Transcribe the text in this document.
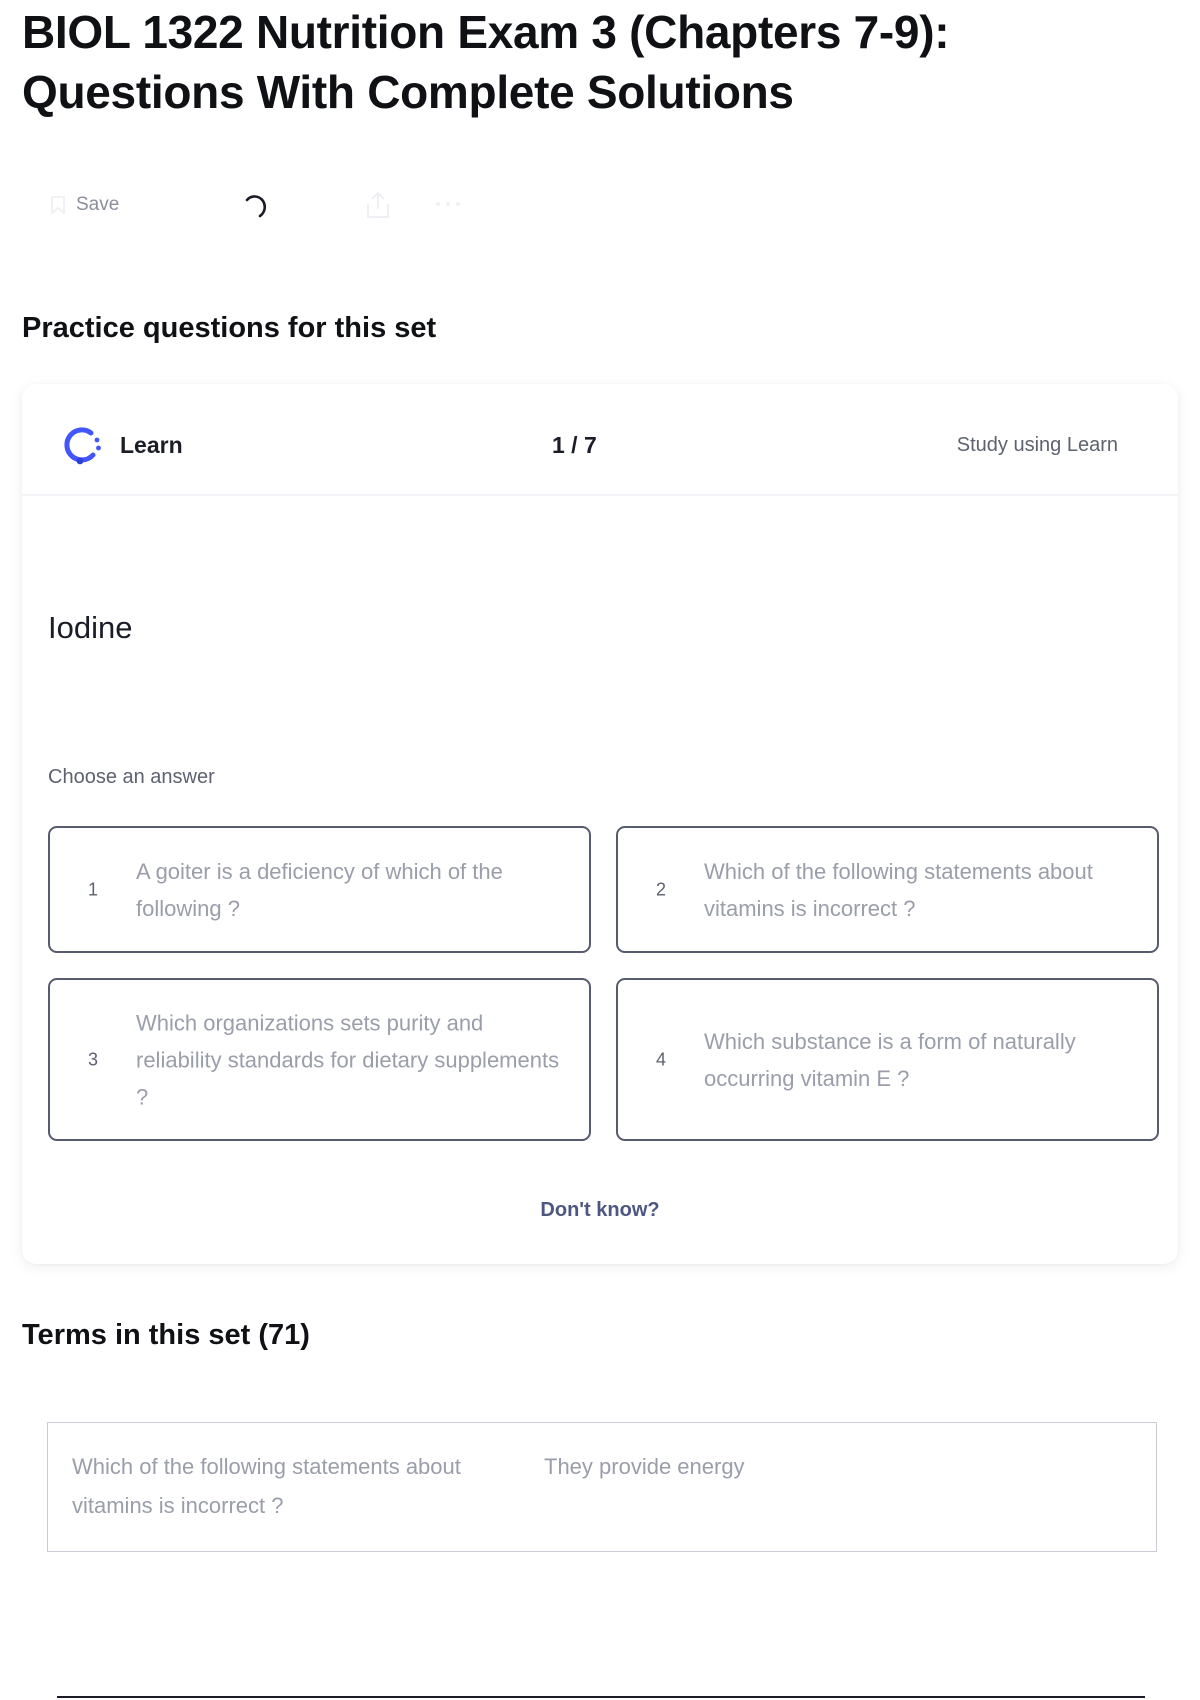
BIOL 1322 Nutrition Exam 3 (Chapters 7-9): Questions With Complete Solutions
Save
Practice questions for this set
Learn	1 / 7	Study using Learn
Iodine
Choose an answer
1
A goiter is a deficiency of which of the following ?
2
Which of the following statements about vitamins is incorrect ?
3
Which organizations sets purity and reliability standards for dietary supplements ?
4
Which substance is a form of naturally occurring vitamin E ?
Don't know?
Terms in this set (71)
Which of the following statements about vitamins is incorrect ?
They provide energy
